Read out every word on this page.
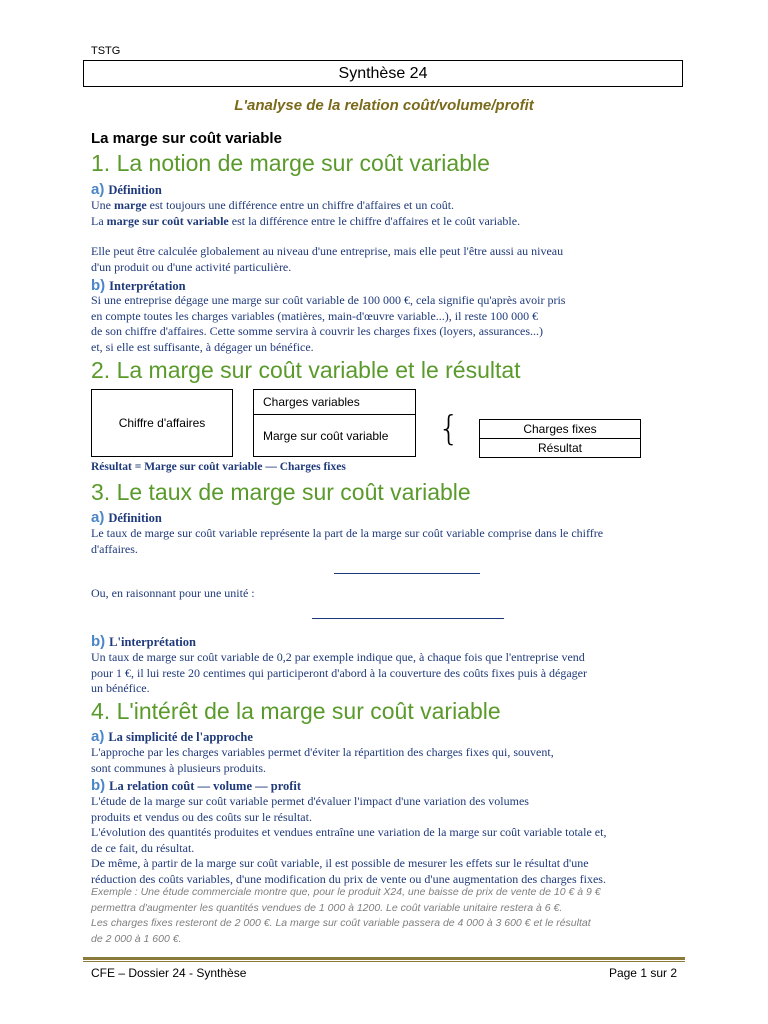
TSTG
Synthèse 24
L'analyse de la relation coût/volume/profit
La marge sur coût variable
1. La notion de marge sur coût variable
a) Définition

Une marge est toujours une différence entre un chiffre d'affaires et un coût.

La marge sur coût variable est la différence entre le chiffre d'affaires et le coût variable.

Elle peut être calculée globalement au niveau d'une entreprise, mais elle peut l'être aussi au niveau

d'un produit ou d'une activité particulière.

b) Interprétation

Si une entreprise dégage une marge sur coût variable de 100 000 €, cela signifie qu'après avoir pris

en compte toutes les charges variables (matières, main-d'œuvre variable...), il reste 100 000 €

de son chiffre d'affaires. Cette somme servira à couvrir les charges fixes (loyers, assurances...)

et, si elle est suffisante, à dégager un bénéfice.

2. La marge sur coût variable et le résultat
Chiffre d'affaires
Charges variables
Marge sur coût variable	{	Charges fixes
Résultat
Résultat = Marge sur coût variable — Charges fixes
3. Le taux de marge sur coût variable
a) Définition

Le taux de marge sur coût variable représente la part de la marge sur coût variable comprise dans le chiffre

d'affaires.

Ou, en raisonnant pour une unité :
b) L'interprétation

Un taux de marge sur coût variable de 0,2 par exemple indique que, à chaque fois que l'entreprise vend

pour 1 €, il lui reste 20 centimes qui participeront d'abord à la couverture des coûts fixes puis à dégager

un bénéfice.

4. L'intérêt de la marge sur coût variable
a) La simplicité de l'approche

L'approche par les charges variables permet d'éviter la répartition des charges fixes qui, souvent,

sont communes à plusieurs produits.

b) La relation coût — volume — profit

L'étude de la marge sur coût variable permet d'évaluer l'impact d'une variation des volumes

produits et vendus ou des coûts sur le résultat.

L'évolution des quantités produites et vendues entraîne une variation de la marge sur coût variable totale et,

de ce fait, du résultat.

De même, à partir de la marge sur coût variable, il est possible de mesurer les effets sur le résultat d'une

réduction des coûts variables, d'une modification du prix de vente ou d'une augmentation des charges fixes.

Exemple : Une étude commerciale montre que, pour le produit X24, une baisse de prix de vente de 10 € à 9 €
permettra d'augmenter les quantités vendues de 1 000 à 1200. Le coût variable unitaire restera à 6 €.
Les charges fixes resteront de 2 000 €. La marge sur coût variable passera de 4 000 à 3 600 € et le résultat
de 2 000 à 1 600 €.
CFE – Dossier 24 - Synthèse	Page 1 sur 2
